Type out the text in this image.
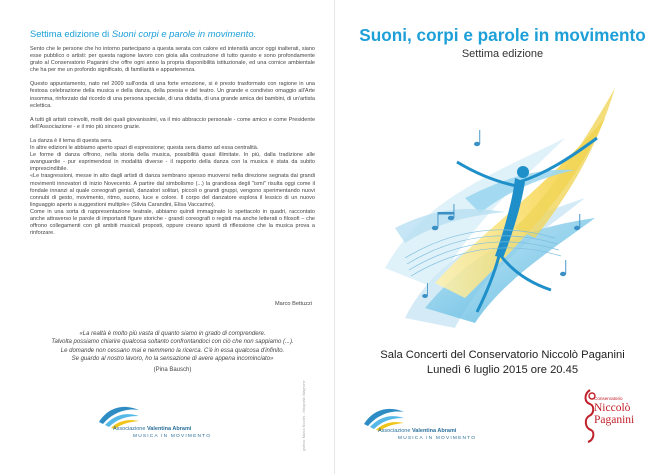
Settima edizione di Suoni corpi e parole in movimento.

Sento che le persone che ho intorno partecipano a questa serata con calore ed intensità ancor oggi inalterati, siano esse pubblico o artisti: per questa ragione lavoro con gioia alla costruzione di tutto questo e sono profondamente grato al Conservatorio Paganini che offre ogni anno la propria disponibilità istituzionale, ed una cornice ambientale che ha per me un profondo significato, di familiarità e appartenenza.

Questo appuntamento, nato nel 2009 sull'onda di una forte emozione, si è presto trasformato con ragione in una festosa celebrazione della musica e della danza, della poesia e del teatro. Un grande e condiviso omaggio all'Arte insomma, rinforzato dal ricordo di una persona speciale, di una didatta, di una grande amica dei bambini, di un'artista eclettica.

A tutti gli artisti coinvolti, molti dei quali giovanissimi, va il mio abbraccio personale - come amico e come Presidente dell'Associazione - e il mio più sincero grazie.

La danza è il tema di questa sera.

In altre edizioni le abbiamo aperto spazi di espressione; questa sera diamo ad essa centralità.

Le forme di danza offrono, nella storia della musica, possibilità quasi illimitate. In più, dalla tradizione alle avanguardie - pur esprimendosi in modalità diverse - il rapporto della danza con la musica è stata da subito imprescindibile.

«Le trasgressioni, messe in atto dagli artisti di danza sembrano spesso muoversi nella direzione segnata dai grandi movimenti innovatori di inizio Novecento. A partire dal simbolismo (...) la grandiosa degli "ismi" risulta oggi come il fondale innanzi al quale coreografi geniali, danzatori solitari, piccoli o grandi gruppi, vengono sperimentando nuovi connubi di gesto, movimento, ritmo, suono, luce e colore. Il corpo del danzatore esplora il lessico di un nuovo linguaggio aperto a suggestioni multiple» (Silvia Carandini, Elisa Vaccarino).

Come in una sorta di rappresentazione teatrale, abbiamo quindi immaginato lo spettacolo in quadri, raccontato anche attraverso le parole di importanti figure storiche - grandi coreografi o registi ma anche letterati o filosofi – che offrono collegamenti con gli ambiti musicali proposti, oppure creano spunti di riflessione che la musica prova a rinforzare.

Marco Bettuzzi
«La realtà è molto più vasta di quanto siamo in grado di comprendere.
Talvolta possiamo chiarire qualcosa soltanto confrontandoci con ciò che non sappiamo (...).
Le domande non cessano mai e nemmeno la ricerca. C'è in essa qualcosa d'infinito.
Se guardo al nostro lavoro, ho la sensazione di avere appena incominciato»
(Pina Bausch)
Associazione Valentina Abrami
MUSICA IN MOVIMENTO	grafica: Marco Nicolini - fotografia: Magnone
Suoni, corpi e parole in movimento
Settima edizione
Sala Concerti del Conservatorio Niccolò Paganini
Lunedì 6 luglio 2015 ore 20.45
Associazione Valentina Abrami
MUSICA IN MOVIMENTO
Conservatorio
Niccolò
Paganini
